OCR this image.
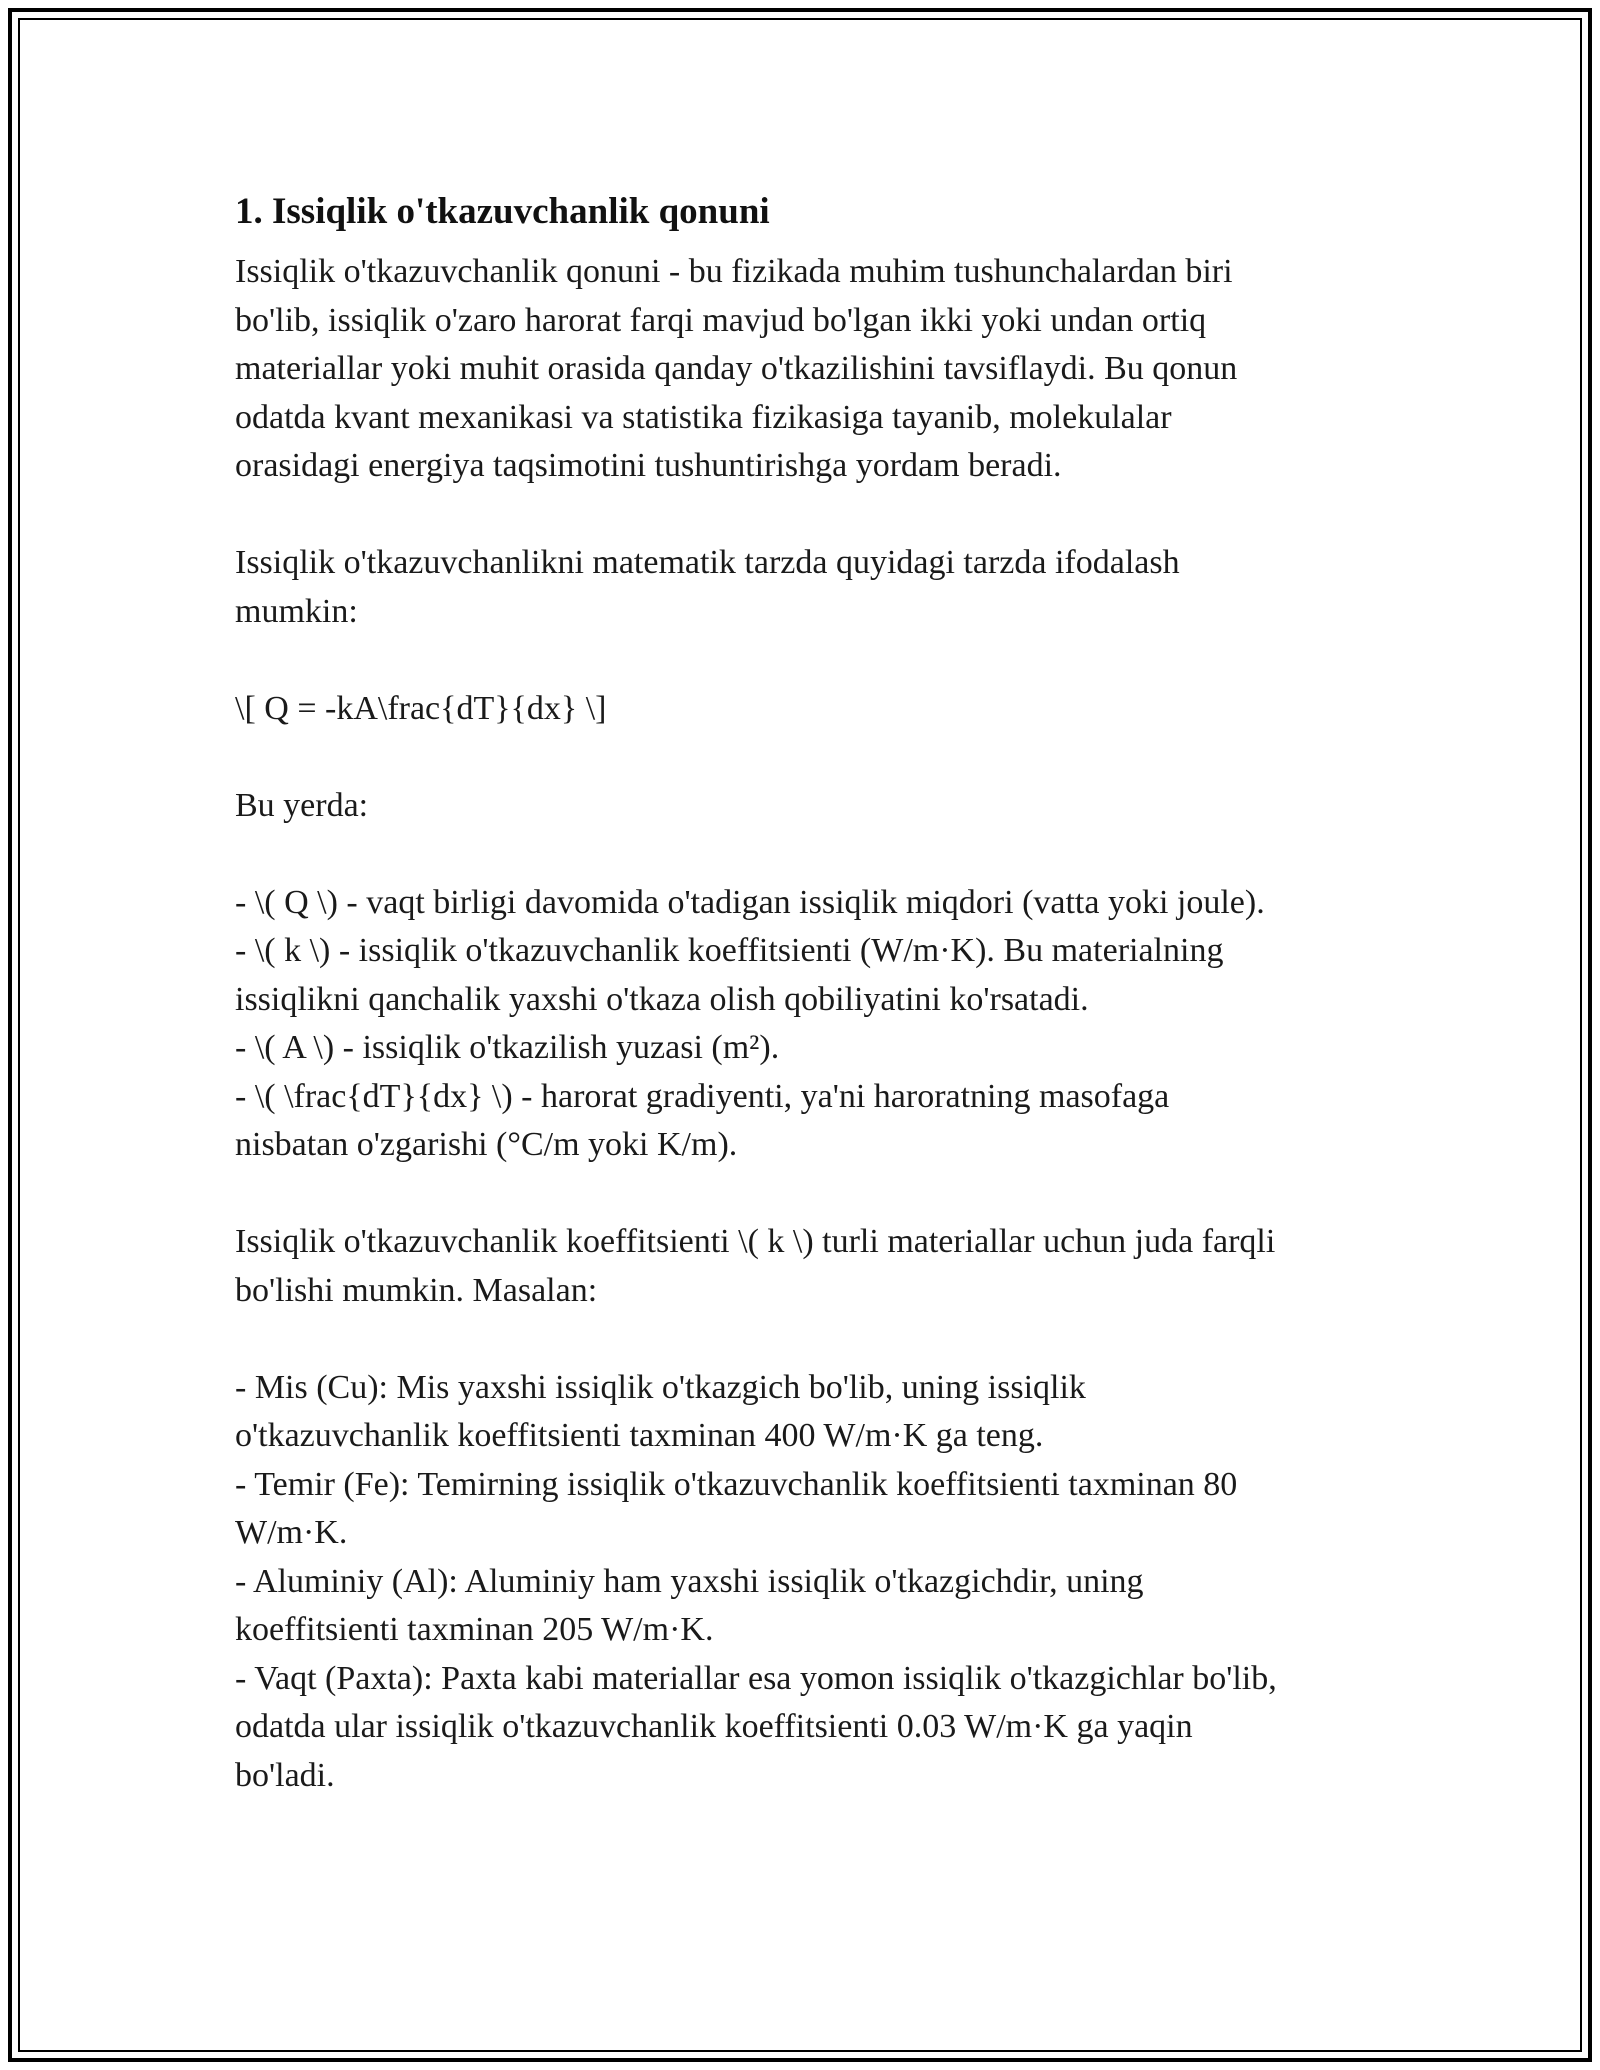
1. Issiqlik o'tkazuvchanlik qonuni

Issiqlik o'tkazuvchanlik qonuni - bu fizikada muhim tushunchalardan biri
bo'lib, issiqlik o'zaro harorat farqi mavjud bo'lgan ikki yoki undan ortiq
materiallar yoki muhit orasida qanday o'tkazilishini tavsiflaydi. Bu qonun
odatda kvant mexanikasi va statistika fizikasiga tayanib, molekulalar
orasidagi energiya taqsimotini tushuntirishga yordam beradi.

Issiqlik o'tkazuvchanlikni matematik tarzda quyidagi tarzda ifodalash
mumkin:

\[ Q = -kA\frac{dT}{dx} \]

Bu yerda:

- \( Q \) - vaqt birligi davomida o'tadigan issiqlik miqdori (vatta yoki joule).
- \( k \) - issiqlik o'tkazuvchanlik koeffitsienti (W/m·K). Bu materialning
issiqlikni qanchalik yaxshi o'tkaza olish qobiliyatini ko'rsatadi.
- \( A \) - issiqlik o'tkazilish yuzasi (m²).
- \( \frac{dT}{dx} \) - harorat gradiyenti, ya'ni haroratning masofaga
nisbatan o'zgarishi (°C/m yoki K/m).

Issiqlik o'tkazuvchanlik koeffitsienti \( k \) turli materiallar uchun juda farqli
bo'lishi mumkin. Masalan:

- Mis (Cu): Mis yaxshi issiqlik o'tkazgich bo'lib, uning issiqlik
o'tkazuvchanlik koeffitsienti taxminan 400 W/m·K ga teng.
- Temir (Fe): Temirning issiqlik o'tkazuvchanlik koeffitsienti taxminan 80
W/m·K.
- Aluminiy (Al): Aluminiy ham yaxshi issiqlik o'tkazgichdir, uning
koeffitsienti taxminan 205 W/m·K.
- Vaqt (Paxta): Paxta kabi materiallar esa yomon issiqlik o'tkazgichlar bo'lib,
odatda ular issiqlik o'tkazuvchanlik koeffitsienti 0.03 W/m·K ga yaqin
bo'ladi.
